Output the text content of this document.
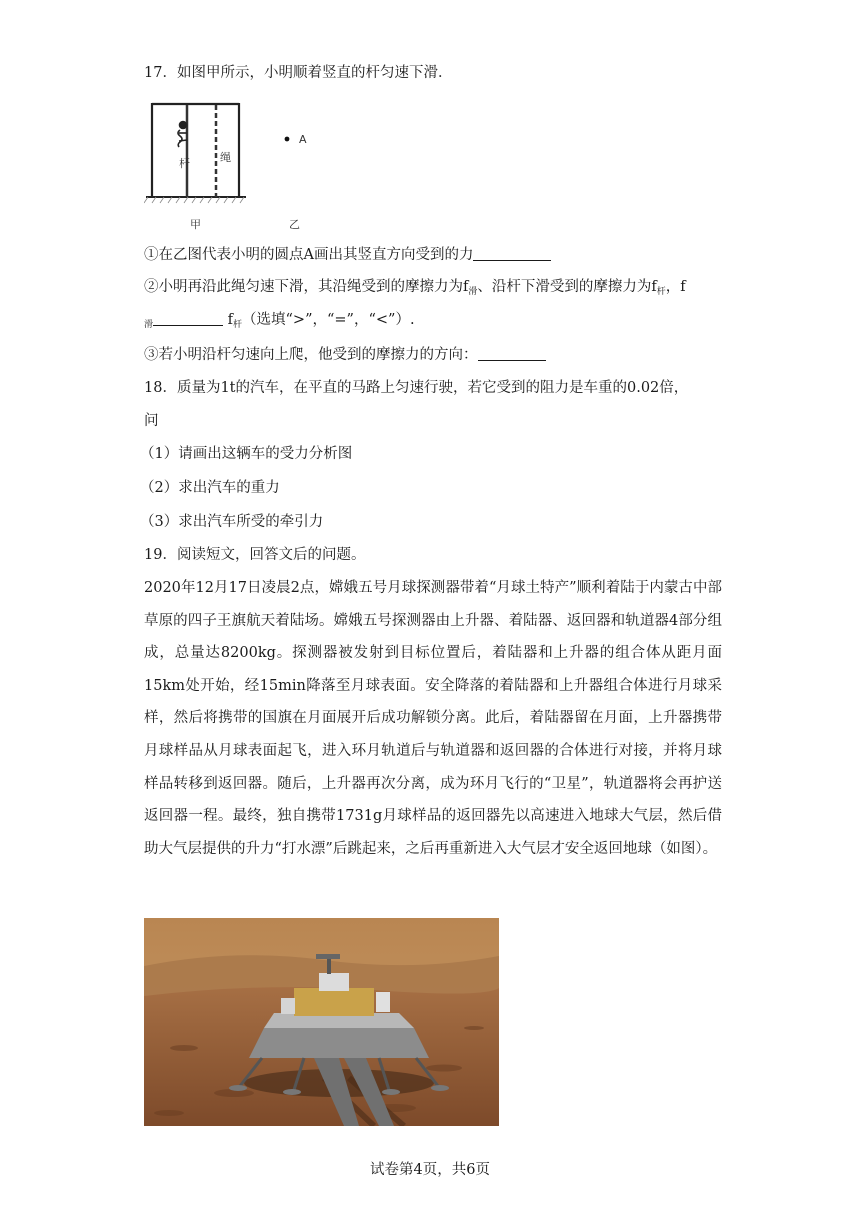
17．如图甲所示，小明顺着竖直的杆匀速下滑．
杆	绳
甲	乙
A
①在乙图代表小明的圆点A画出其竖直方向受到的力
②小明再沿此绳匀速下滑，其沿绳受到的摩擦力为$f_滑$、沿杆下滑受到的摩擦力为$f_杆$，f
$_滑$	$f_杆$（选填“>”，“=”，“<”）.
③若小明沿杆匀速向上爬，他受到的摩擦力的方向：
18．质量为1t的汽车，在平直的马路上匀速行驶，若它受到的阻力是车重的0.02倍，
问
（1）请画出这辆车的受力分析图
（2）求出汽车的重力
（3）求出汽车所受的牵引力
19．阅读短文，回答文后的问题。
2020年12月17日凌晨2点，嫦娥五号月球探测器带着“月球土特产”顺利着陆于内蒙古中部草原的四子王旗航天着陆场。嫦娥五号探测器由上升器、着陆器、返回器和轨道器4部分组成，总量达8200kg。探测器被发射到目标位置后，着陆器和上升器的组合体从距月面15km处开始，经15min降落至月球表面。安全降落的着陆器和上升器组合体进行月球采样，然后将携带的国旗在月面展开后成功解锁分离。此后，着陆器留在月面，上升器携带月球样品从月球表面起飞，进入环月轨道后与轨道器和返回器的合体进行对接，并将月球样品转移到返回器。随后，上升器再次分离，成为环月飞行的“卫星”，轨道器将会再护送返回器一程。最终，独自携带1731g月球样品的返回器先以高速进入地球大气层，然后借助大气层提供的升力“打水漂”后跳起来，之后再重新进入大气层才安全返回地球（如图）。
试卷第4页，共6页
